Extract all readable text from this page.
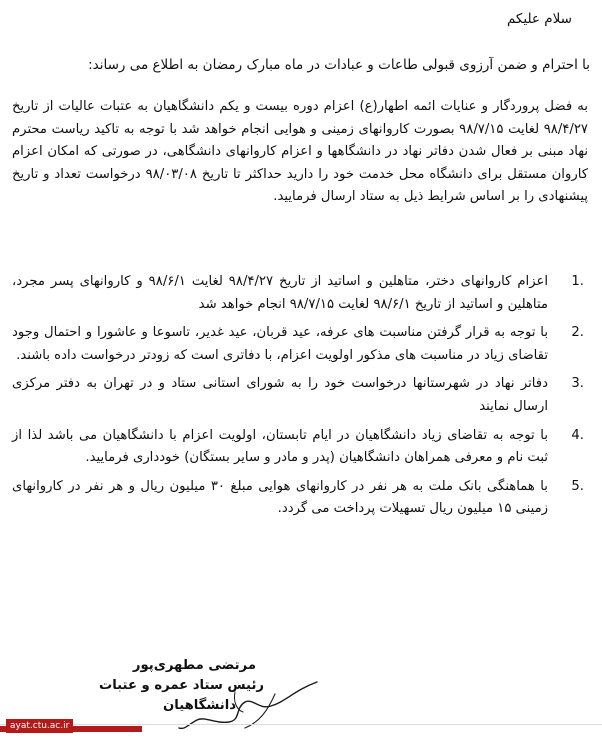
سلام علیکم
با احترام و ضمن آرزوی قبولی طاعات و عبادات در ماه مبارک رمضان به اطلاع می رساند:
به فضل پروردگار و عنایات ائمه اطهار(ع) اعزام دوره بیست و یکم دانشگاهیان به عتبات عالیات از تاریخ ۹۸/۴/۲۷ لغایت ۹۸/۷/۱۵ بصورت کاروانهای زمینی و هوایی انجام خواهد شد با توجه به تاکید ریاست محترم نهاد مبنی بر فعال شدن دفاتر نهاد در دانشگاهها و اعزام کاروانهای دانشگاهی، در صورتی که امکان اعزام کاروان مستقل برای دانشگاه محل خدمت خود را دارید حداکثر تا تاریخ ۹۸/۰۳/۰۸ درخواست تعداد و تاریخ پیشنهادی را بر اساس شرایط ذیل به ستاد ارسال فرمایید.
.1
اعزام کاروانهای دختر، متاهلین و اساتید از تاریخ ۹۸/۴/۲۷ لغایت ۹۸/۶/۱ و کاروانهای پسر مجرد، متاهلین و اساتید از تاریخ ۹۸/۶/۱ لغایت ۹۸/۷/۱۵ انجام خواهد شد
.2
با توجه به قرار گرفتن مناسبت های عرفه، عید قربان، عید غدیر، تاسوعا و عاشورا و احتمال وجود تقاضای زیاد در مناسبت های مذکور اولویت اعزام، با دفاتری است که زودتر درخواست داده باشند.
.3
دفاتر نهاد در شهرستانها درخواست خود را به شورای استانی ستاد و در تهران به دفتر مرکزی ارسال نمایند
.4
با توجه به تقاضای زیاد دانشگاهیان در ایام تابستان، اولویت اعزام با دانشگاهیان می باشد لذا از ثبت نام و معرفی همراهان دانشگاهیان (پدر و مادر و سایر بستگان) خودداری فرمایید.
.5
با هماهنگی بانک ملت به هر نفر در کاروانهای هوایی مبلغ ۳۰ میلیون ریال و هر نفر در کاروانهای زمینی ۱۵ میلیون ریال تسهیلات پرداخت می گردد.
مرتضی مطهری‌پور
رئیس ستاد عمره و عتبات
دانشگاهیان
ayat.ctu.ac.ir
